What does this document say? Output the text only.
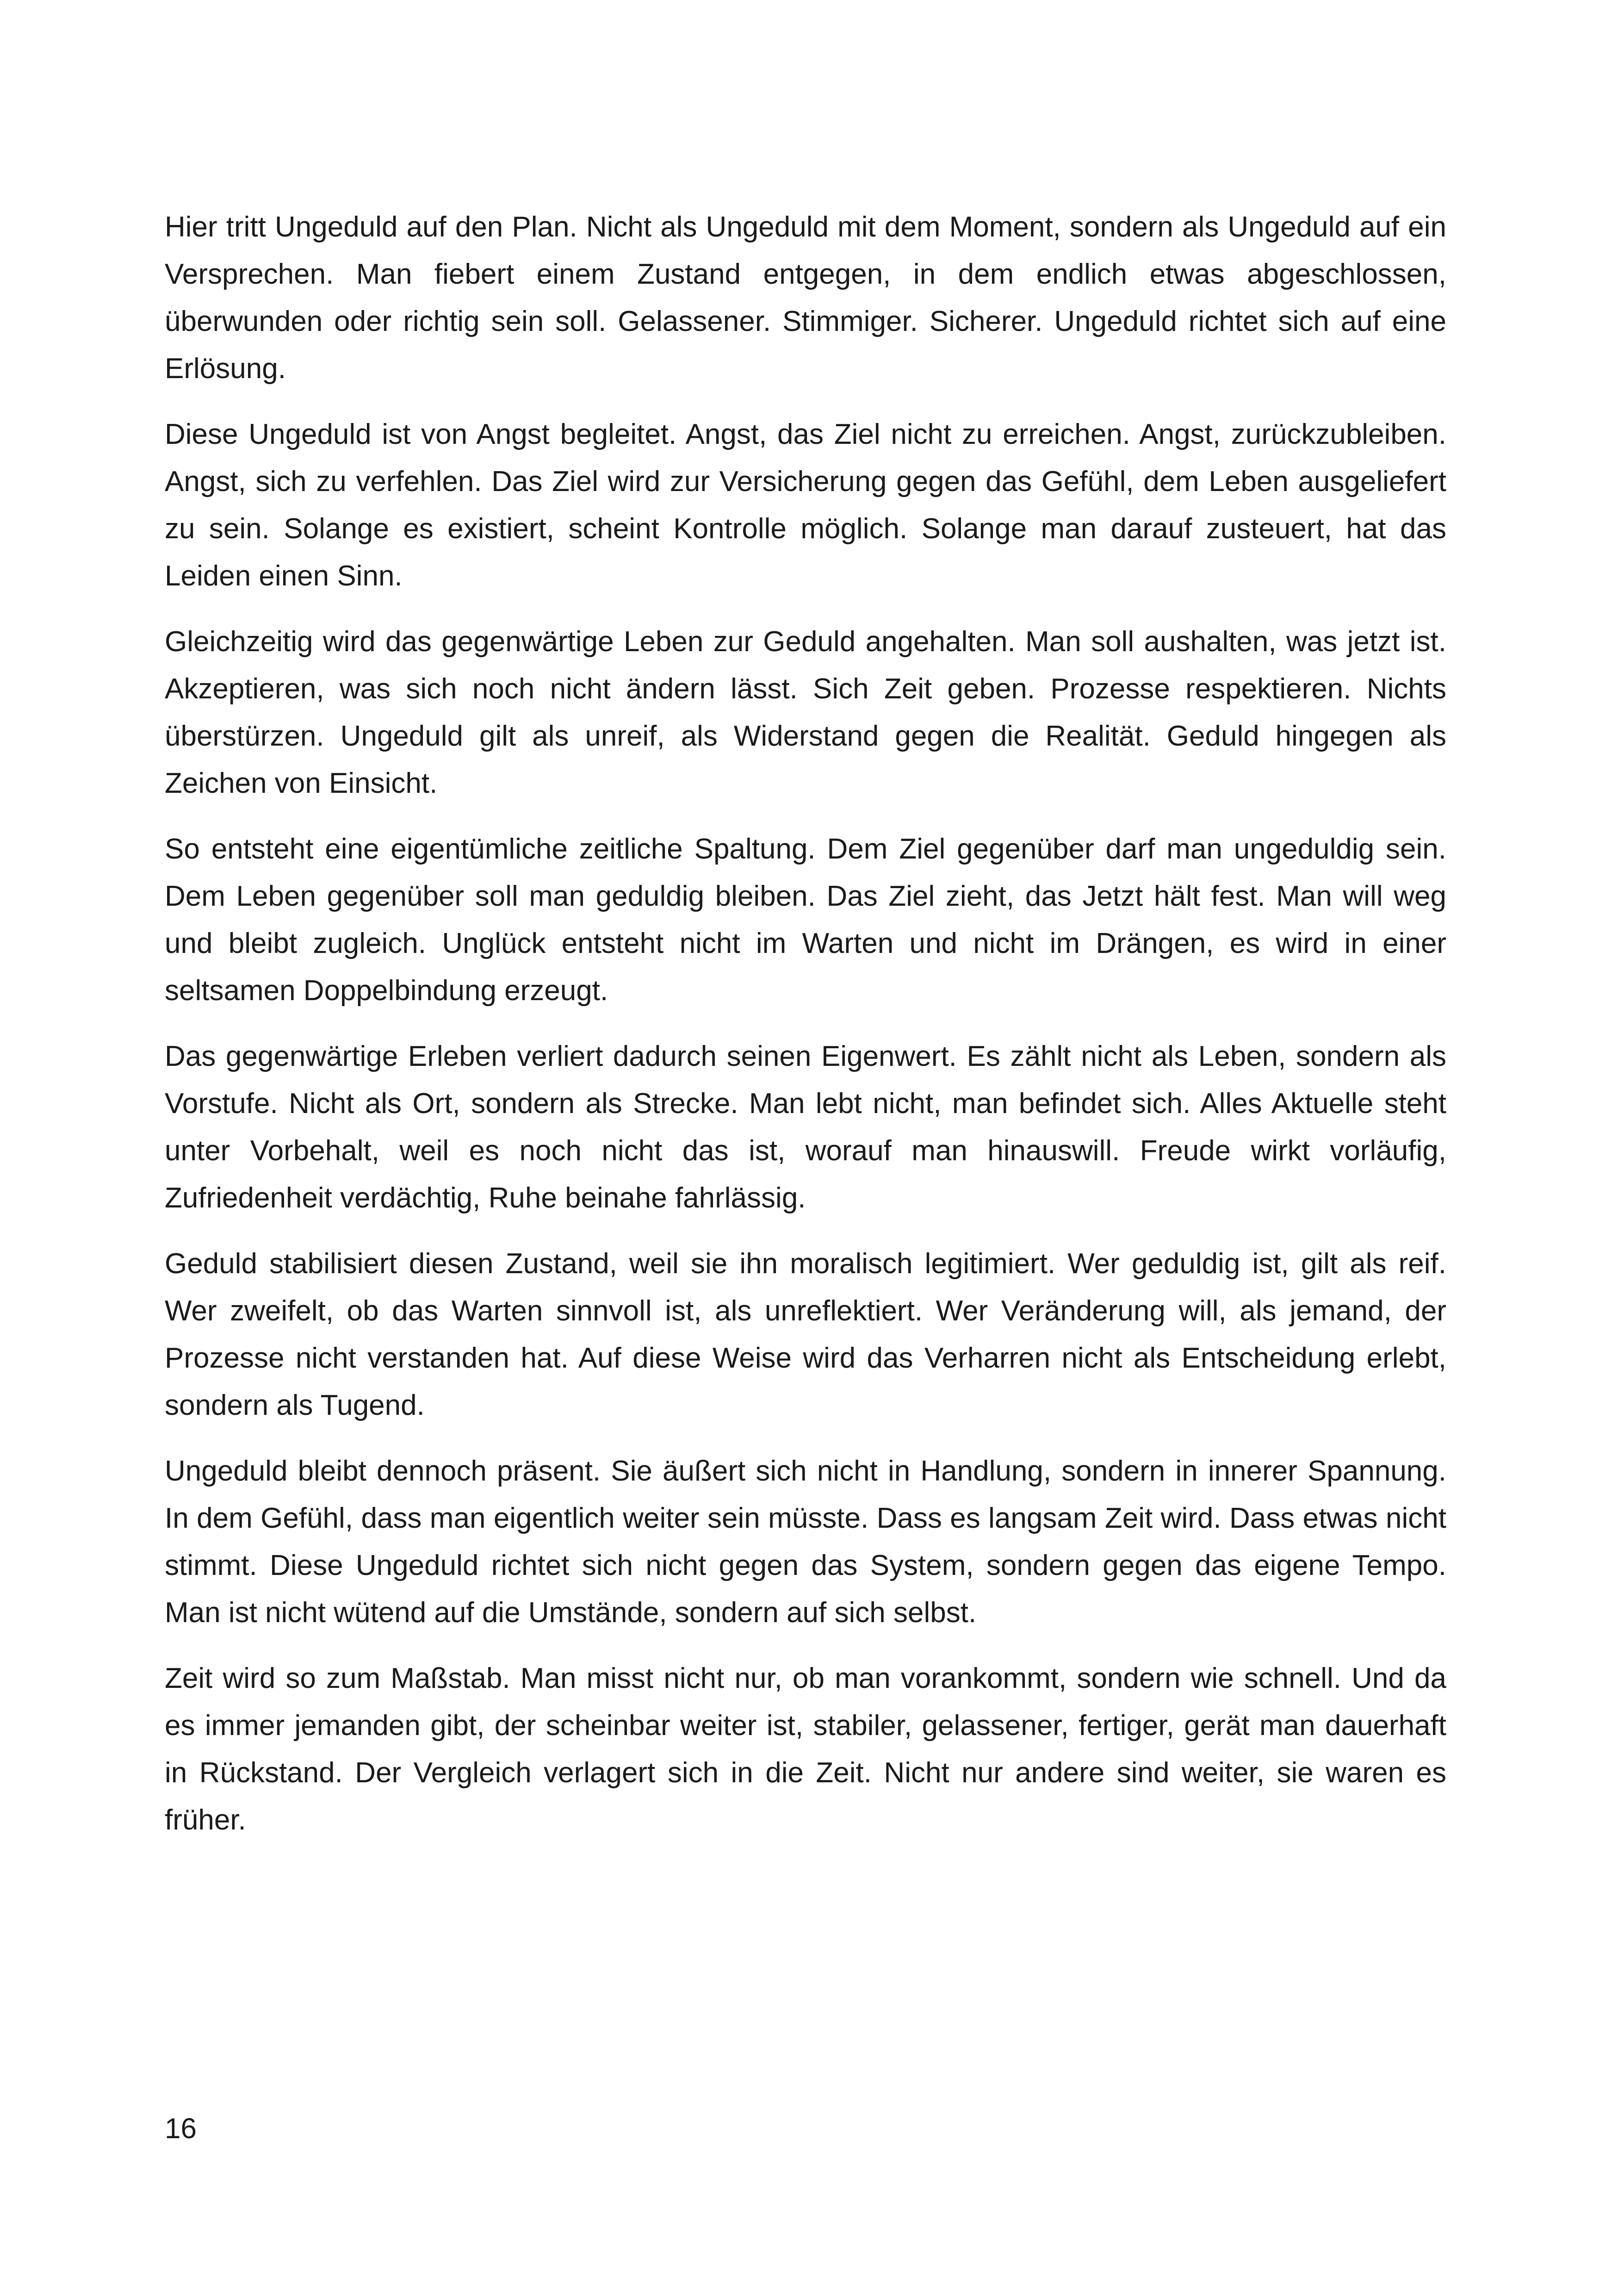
Hier tritt Ungeduld auf den Plan. Nicht als Ungeduld mit dem Moment, sondern als Ungeduld auf ein Versprechen. Man fiebert einem Zustand entgegen, in dem endlich etwas abgeschlossen, überwunden oder richtig sein soll. Gelassener. Stimmiger. Sicherer. Ungeduld richtet sich auf eine Erlösung.

Diese Ungeduld ist von Angst begleitet. Angst, das Ziel nicht zu erreichen. Angst, zurückzubleiben. Angst, sich zu verfehlen. Das Ziel wird zur Versicherung gegen das Gefühl, dem Leben ausgeliefert zu sein. Solange es existiert, scheint Kontrolle möglich. Solange man darauf zusteuert, hat das Leiden einen Sinn.

Gleichzeitig wird das gegenwärtige Leben zur Geduld angehalten. Man soll aushalten, was jetzt ist. Akzeptieren, was sich noch nicht ändern lässt. Sich Zeit geben. Prozesse respektieren. Nichts überstürzen. Ungeduld gilt als unreif, als Widerstand gegen die Realität. Geduld hingegen als Zeichen von Einsicht.

So entsteht eine eigentümliche zeitliche Spaltung. Dem Ziel gegenüber darf man ungeduldig sein. Dem Leben gegenüber soll man geduldig bleiben. Das Ziel zieht, das Jetzt hält fest. Man will weg und bleibt zugleich. Unglück entsteht nicht im Warten und nicht im Drängen, es wird in einer seltsamen Doppelbindung erzeugt.

Das gegenwärtige Erleben verliert dadurch seinen Eigenwert. Es zählt nicht als Leben, sondern als Vorstufe. Nicht als Ort, sondern als Strecke. Man lebt nicht, man befindet sich. Alles Aktuelle steht unter Vorbehalt, weil es noch nicht das ist, worauf man hinauswill. Freude wirkt vorläufig, Zufriedenheit verdächtig, Ruhe beinahe fahrlässig.

Geduld stabilisiert diesen Zustand, weil sie ihn moralisch legitimiert. Wer geduldig ist, gilt als reif. Wer zweifelt, ob das Warten sinnvoll ist, als unreflektiert. Wer Veränderung will, als jemand, der Prozesse nicht verstanden hat. Auf diese Weise wird das Verharren nicht als Entscheidung erlebt, sondern als Tugend.

Ungeduld bleibt dennoch präsent. Sie äußert sich nicht in Handlung, sondern in innerer Spannung. In dem Gefühl, dass man eigentlich weiter sein müsste. Dass es langsam Zeit wird. Dass etwas nicht stimmt. Diese Ungeduld richtet sich nicht gegen das System, sondern gegen das eigene Tempo. Man ist nicht wütend auf die Umstände, sondern auf sich selbst.

Zeit wird so zum Maßstab. Man misst nicht nur, ob man vorankommt, sondern wie schnell. Und da es immer jemanden gibt, der scheinbar weiter ist, stabiler, gelassener, fertiger, gerät man dauerhaft in Rückstand. Der Vergleich verlagert sich in die Zeit. Nicht nur andere sind weiter, sie waren es früher.

16
